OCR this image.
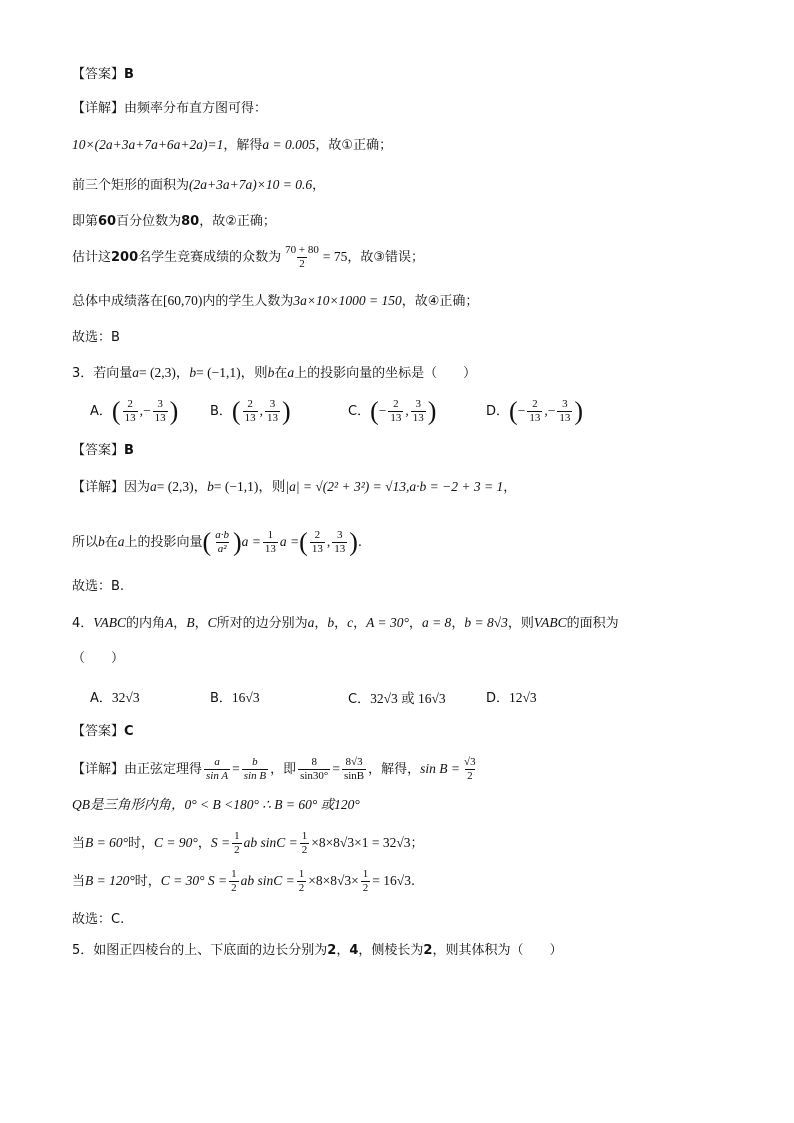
【答案】B
【详解】由频率分布直方图可得：
10×(2a+3a+7a+6a+2a)=1，解得a = 0.005，故①正确；
前三个矩形的面积为(2a+3a+7a)×10 = 0.6，
即第60百分位数为80，故②正确；
估计这200名学生竞赛成绩的众数为 $\frac{70 + 80}{2} = 75$，故③错误；
总体中成绩落在[60,70)内的学生人数为3a×10×1000 = 150，故④正确；
故选：B
3．若向量a= (2,3)，b= (−1,1)，则b在a上的投影向量的坐标是（　　）
A．( $\frac{2}{13}$ ,− $\frac{3}{13}$ ) B．( $\frac{2}{13}$ , $\frac{3}{13}$ )	C．(− $\frac{2}{13}$ , $\frac{3}{13}$ )	D．(− $\frac{2}{13}$ ,− $\frac{3}{13}$ )
【答案】B
【详解】因为a= (2,3)，b= (−1,1)，则|a| = √(2² + 3²) = √13,a·b = −2 + 3 = 1，
所以b在a上的投影向量( $\frac{a\cdot b}{\text{a²}} )a = \frac{1}{13}$ a =( $\frac{2}{13}$ , $\frac{3}{13}$ ).
故选：B.
4．VABC的内角A，B，C所对的边分别为a，b，c，A = 30°，a = 8，b = 8√3，则VABC的面积为
（　　）
A．32√3	B．16√3	C．32√3 或 16√3	D．12√3
【答案】C
【详解】由正弦定理得 $\frac{a}{\text{sin A}} = \frac{b}{\text{sin B}}$ ，即 $\frac{8}{\sin 30^\circ} = \frac{8√3}{\sin B}$ ，解得，$\sin B = \frac{√3}{2}$
QB是三角形内角，0° < B <180° ∴ B = 60° 或120°
当B = 60°时，C = 90°，$S = \frac{1}{2}$ ab $\sin C = \frac{1}{2} \times 8\times 8√3\times 1 = 32√3$；
当B = 120°时，C = 30° $S = \frac{1}{2}$ ab $\sin C = \frac{1}{2} \times 8\times 8√3\times \frac{1}{2} = 16√3$.
故选：C.
5．如图正四棱台的上、下底面的边长分别为2，4，侧棱长为2，则其体积为（　　）
